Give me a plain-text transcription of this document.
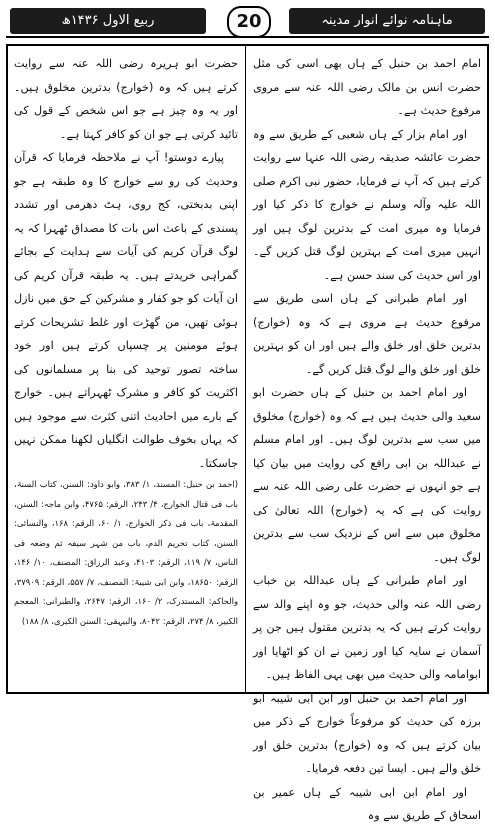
ربیع الاول ۱۴۳۶ھ	20	ماہنامہ نوائے انوار مدینہ

امام احمد بن حنبل کے ہاں بھی اسی کی مثل حضرت انس بن مالک رضی اللہ عنہ سے مروی مرفوع حدیث ہے۔

اور امام بزار کے ہاں شعبی کے طریق سے وہ حضرت عائشہ صدیقہ رضی اللہ عنہا سے روایت کرتے ہیں کہ آپ نے فرمایا، حضور نبی اکرم صلی اللہ علیہ وآلہ وسلم نے خوارج کا ذکر کیا اور فرمایا وہ میری امت کے بدترین لوگ ہیں اور انہیں میری امت کے بہترین لوگ قتل کریں گے۔ اور اس حدیث کی سند حسن ہے۔

اور امام طبرانی کے ہاں اسی طریق سے مرفوع حدیث ہے مروی ہے کہ وہ (خوارج) بدترین خلق اور خلق والے ہیں اور ان کو بہترین خلق اور خلق والے لوگ قتل کریں گے۔

اور امام احمد بن حنبل کے ہاں حضرت ابو سعید والی حدیث ہیں ہے کہ وہ (خوارج) مخلوق میں سب سے بدترین لوگ ہیں۔ اور امام مسلم نے عبداللہ بن ابی رافع کی روایت میں بیان کیا ہے جو انہوں نے حضرت علی رضی اللہ عنہ سے روایت کی ہے کہ یہ (خوارج) اللہ تعالیٰ کی مخلوق میں سے اس کے نزدیک سب سے بدترین لوگ ہیں۔

اور امام طبرانی کے ہاں عبداللہ بن خباب رضی اللہ عنہ والی حدیث، جو وہ اپنے والد سے روایت کرتے ہیں کہ یہ بدترین مقتول ہیں جن پر آسمان نے سایہ کیا اور زمین نے ان کو اٹھایا اور ابوامامہ والی حدیث میں بھی یہی الفاظ ہیں۔

اور امام احمد بن حنبل اور ابن ابی شیبہ ابو برزہ کی حدیث کو مرفوعاً خوارج کے ذکر میں بیان کرتے ہیں کہ وہ (خوارج) بدترین خلق اور خلق والے ہیں۔ ایسا تین دفعہ فرمایا۔

اور امام ابن ابی شیبہ کے ہاں عمیر بن اسحاق کے طریق سے وہ

حضرت ابو ہریرہ رضی اللہ عنہ سے روایت کرتے ہیں کہ وہ (خوارج) بدترین مخلوق ہیں۔ اور یہ وہ چیز ہے جو اس شخص کے قول کی تائید کرتی ہے جو ان کو کافر کہتا ہے۔

پیارے دوستو! آپ نے ملاحظہ فرمایا کہ قرآن وحدیث کی رو سے خوارج کا وہ طبقہ ہے جو اپنی بدبختی، کج روی، ہٹ دھرمی اور تشدد پسندی کے باعث اس بات کا مصداق ٹھہرا کہ یہ لوگ قرآن کریم کی آیات سے ہدایت کے بجائے گمراہی خریدتے ہیں۔ یہ طبقہ قرآن کریم کی ان آیات کو جو کفار و مشرکین کے حق میں نازل ہوئی تھیں، من گھڑت اور غلط تشریحات کرتے ہوئے مومنین پر چسپاں کرتے ہیں اور خود ساختہ تصور توحید کی بنا پر مسلمانوں کی اکثریت کو کافر و مشرک ٹھہراتے ہیں۔ خوارج کے بارے میں احادیث اتنی کثرت سے موجود ہیں کہ یہاں بخوف طوالت انگلیاں لکھنا ممکن نہیں جاسکتا۔

(احمد بن حنبل: المسند، ۱/ ۳۸۳، وابو داود: السنن، کتاب السنۃ، باب فی قتال الخوارج، ۴/ ۲۴۳، الرقم: ۴۷۶۵، وابن ماجہ: السنن، المقدمۃ، باب فی ذکر الخوارج، ۱/ ۶۰، الرقم: ۱۶۸، والنسائی: السنن، کتاب تحریم الدم، باب من شہر سیفہ ثم وضعہ فی الناس، ۷/ ۱۱۹، الرقم: ۴۱۰۳، وعبد الرزاق: المصنف، ۱۰/ ۱۴۶، الرقم: ۱۸۶۵۰، وابن ابی شیبۃ: المصنف، ۷/ ۵۵۷، الرقم: ۳۷۹۰۹، والحاکم: المستدرک، ۲/ ۱۶۰، الرقم: ۲۶۴۷، والطبرانی: المعجم الکبیر، ۸/ ۲۷۴، الرقم: ۸۰۴۲، والبیہقی: السنن الکبری، ۸/ ۱۸۸)
